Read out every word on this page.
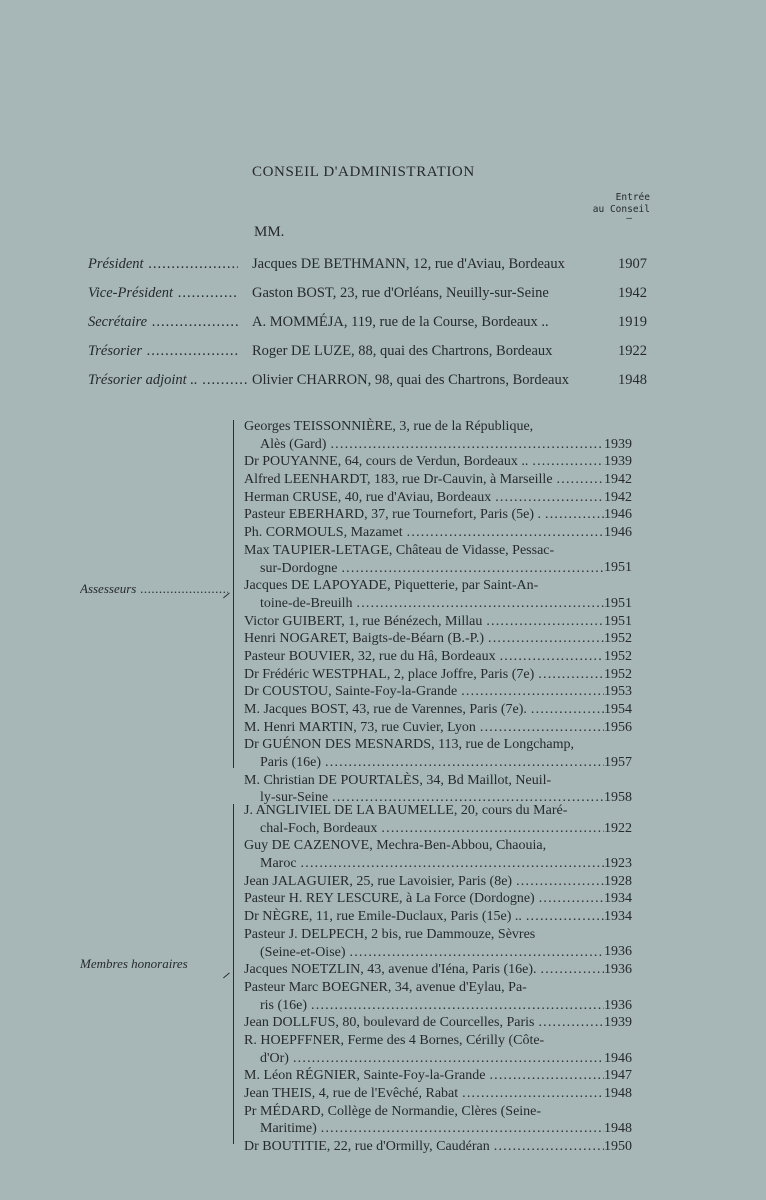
CONSEIL D'ADMINISTRATION
Entrée
au Conseil
—
MM.
Président .....	Jacques DE BETHMANN, 12, rue d'Aviau, Bordeaux	1907
Vice-Président .....	Gaston BOST, 23, rue d'Orléans, Neuilly-sur-Seine	1942
Secrétaire .....	A. MOMMÉJA, 119, rue de la Course, Bordeaux ..	1919
Trésorier .....	Roger DE LUZE, 88, quai des Chartrons, Bordeaux	1922
Trésorier adjoint .. .....	Olivier CHARRON, 98, quai des Chartrons, Bordeaux	1948
Assesseurs .....
Georges TEISSONNIÈRE, 3, rue de la République,
Alès (Gard) .....	1939
Dr POUYANNE, 64, cours de Verdun, Bordeaux .. .....	1939
Alfred LEENHARDT, 183, rue Dr-Cauvin, à Marseille .....	1942
Herman CRUSE, 40, rue d'Aviau, Bordeaux .....	1942
Pasteur EBERHARD, 37, rue Tournefort, Paris (5e) . .....	1946
Ph. CORMOULS, Mazamet .....	1946
Max TAUPIER-LETAGE, Château de Vidasse, Pessac-
sur-Dordogne .....	1951
Jacques DE LAPOYADE, Piquetterie, par Saint-An-
toine-de-Breuilh .....	1951
Victor GUIBERT, 1, rue Bénézech, Millau .....	1951
Henri NOGARET, Baigts-de-Béarn (B.-P.) .....	1952
Pasteur BOUVIER, 32, rue du Hâ, Bordeaux .....	1952
Dr Frédéric WESTPHAL, 2, place Joffre, Paris (7e) .....	1952
Dr COUSTOU, Sainte-Foy-la-Grande .....	1953
M. Jacques BOST, 43, rue de Varennes, Paris (7e). .....	1954
M. Henri MARTIN, 73, rue Cuvier, Lyon .....	1956
Dr GUÉNON DES MESNARDS, 113, rue de Longchamp,
Paris (16e) .....	1957
M. Christian DE POURTALÈS, 34, Bd Maillot, Neuil-
ly-sur-Seine .....	1958
Membres honoraires
J. ANGLIVIEL DE LA BAUMELLE, 20, cours du Maré-
chal-Foch, Bordeaux .....	1922
Guy DE CAZENOVE, Mechra-Ben-Abbou, Chaouia,
Maroc .....	1923
Jean JALAGUIER, 25, rue Lavoisier, Paris (8e) .....	1928
Pasteur H. REY LESCURE, à La Force (Dordogne) .....	1934
Dr NÈGRE, 11, rue Emile-Duclaux, Paris (15e) .. .....	1934
Pasteur J. DELPECH, 2 bis, rue Dammouze, Sèvres
(Seine-et-Oise) .....	1936
Jacques NOETZLIN, 43, avenue d'Iéna, Paris (16e). .....	1936
Pasteur Marc BOEGNER, 34, avenue d'Eylau, Pa-
ris (16e) .....	1936
Jean DOLLFUS, 80, boulevard de Courcelles, Paris .....	1939
R. HOEPFFNER, Ferme des 4 Bornes, Cérilly (Côte-
d'Or) .....	1946
M. Léon RÉGNIER, Sainte-Foy-la-Grande .....	1947
Jean THEIS, 4, rue de l'Evêché, Rabat .....	1948
Pr MÉDARD, Collège de Normandie, Clères (Seine-
Maritime) .....	1948
Dr BOUTITIE, 22, rue d'Ormilly, Caudéran .....	1950
